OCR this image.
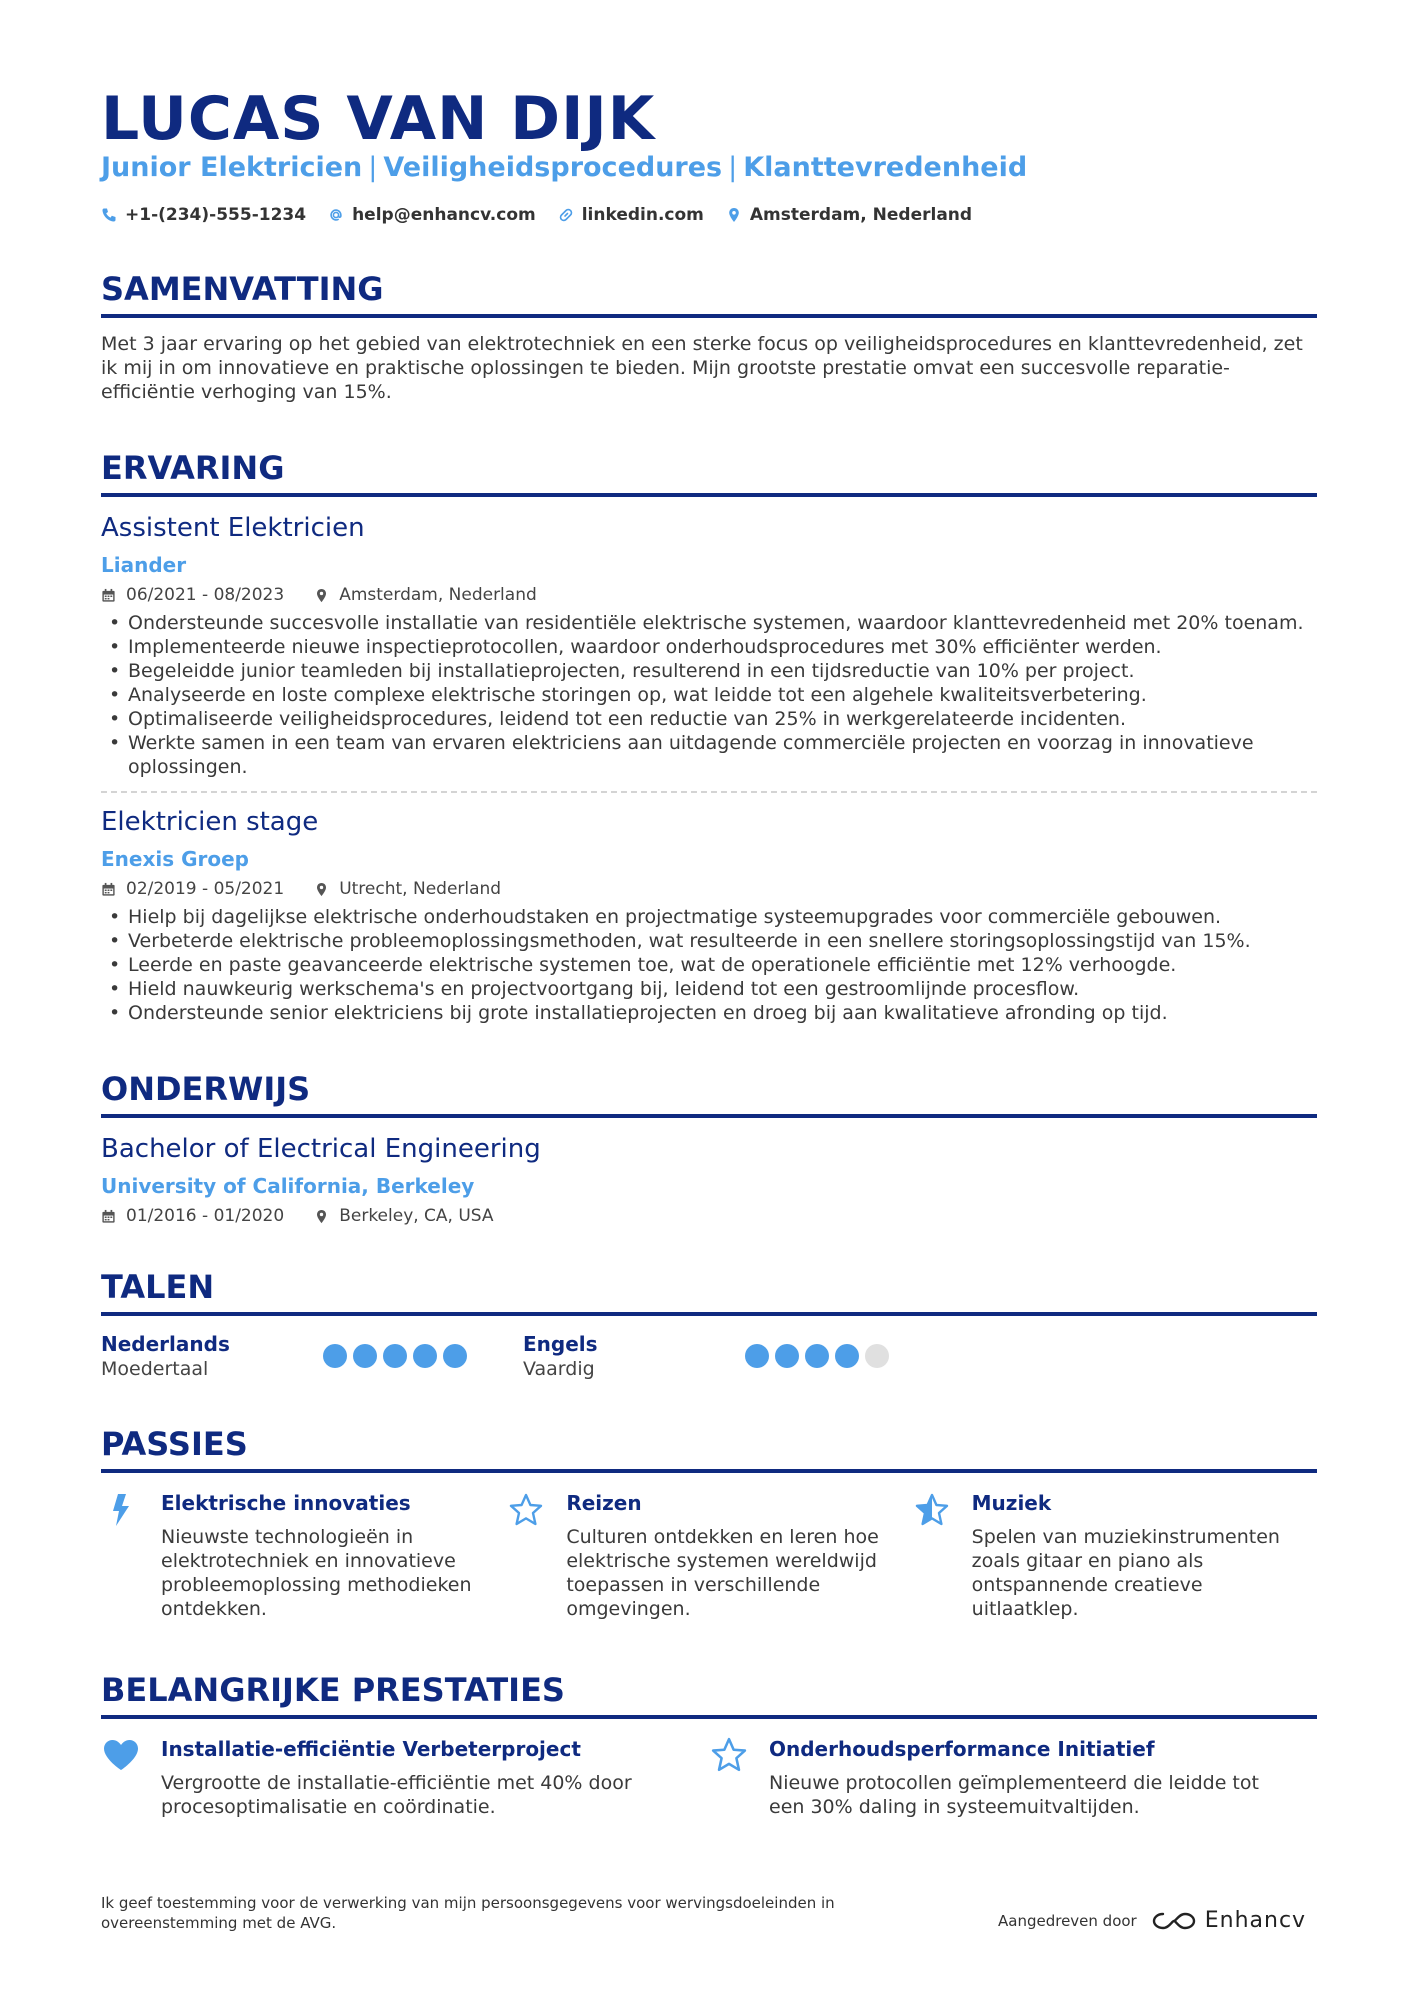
LUCAS VAN DIJK
Junior Elektricien | Veiligheidsprocedures | Klanttevredenheid
+1-(234)-555-1234	help@enhancv.com	linkedin.com	Amsterdam, Nederland
SAMENVATTING
Met 3 jaar ervaring op het gebied van elektrotechniek en een sterke focus op veiligheidsprocedures en klanttevredenheid, zet ik mij in om innovatieve en praktische oplossingen te bieden. Mijn grootste prestatie omvat een succesvolle reparatie-efficiëntie verhoging van 15%.
ERVARING
Assistent Elektricien
Liander
06/2021 - 08/2023	Amsterdam, Nederland
• Ondersteunde succesvolle installatie van residentiële elektrische systemen, waardoor klanttevredenheid met 20% toenam.
• Implementeerde nieuwe inspectieprotocollen, waardoor onderhoudsprocedures met 30% efficiënter werden.
• Begeleidde junior teamleden bij installatieprojecten, resulterend in een tijdsreductie van 10% per project.
• Analyseerde en loste complexe elektrische storingen op, wat leidde tot een algehele kwaliteitsverbetering.
• Optimaliseerde veiligheidsprocedures, leidend tot een reductie van 25% in werkgerelateerde incidenten.
• Werkte samen in een team van ervaren elektriciens aan uitdagende commerciële projecten en voorzag in innovatieve oplossingen.
Elektricien stage
Enexis Groep
02/2019 - 05/2021	Utrecht, Nederland
• Hielp bij dagelijkse elektrische onderhoudstaken en projectmatige systeemupgrades voor commerciële gebouwen.
• Verbeterde elektrische probleemoplossingsmethoden, wat resulteerde in een snellere storingsoplossingstijd van 15%.
• Leerde en paste geavanceerde elektrische systemen toe, wat de operationele efficiëntie met 12% verhoogde.
• Hield nauwkeurig werkschema's en projectvoortgang bij, leidend tot een gestroomlijnde procesflow.
• Ondersteunde senior elektriciens bij grote installatieprojecten en droeg bij aan kwalitatieve afronding op tijd.
ONDERWIJS
Bachelor of Electrical Engineering
University of California, Berkeley
01/2016 - 01/2020	Berkeley, CA, USA
TALEN
Nederlands
Moedertaal
Engels
Vaardig
PASSIES
Elektrische innovaties
Nieuwste technologieën in elektrotechniek en innovatieve probleemoplossing methodieken ontdekken.
Reizen
Culturen ontdekken en leren hoe elektrische systemen wereldwijd toepassen in verschillende omgevingen.
Muziek
Spelen van muziekinstrumenten zoals gitaar en piano als ontspannende creatieve uitlaatklep.
BELANGRIJKE PRESTATIES
Installatie-efficiëntie Verbeterproject
Vergrootte de installatie-efficiëntie met 40% door procesoptimalisatie en coördinatie.
Onderhoudsperformance Initiatief
Nieuwe protocollen geïmplementeerd die leidde tot een 30% daling in systeemuitvaltijden.
Ik geef toestemming voor de verwerking van mijn persoonsgegevens voor wervingsdoeleinden in overeenstemming met de AVG.	Aangedreven door	Enhancv
